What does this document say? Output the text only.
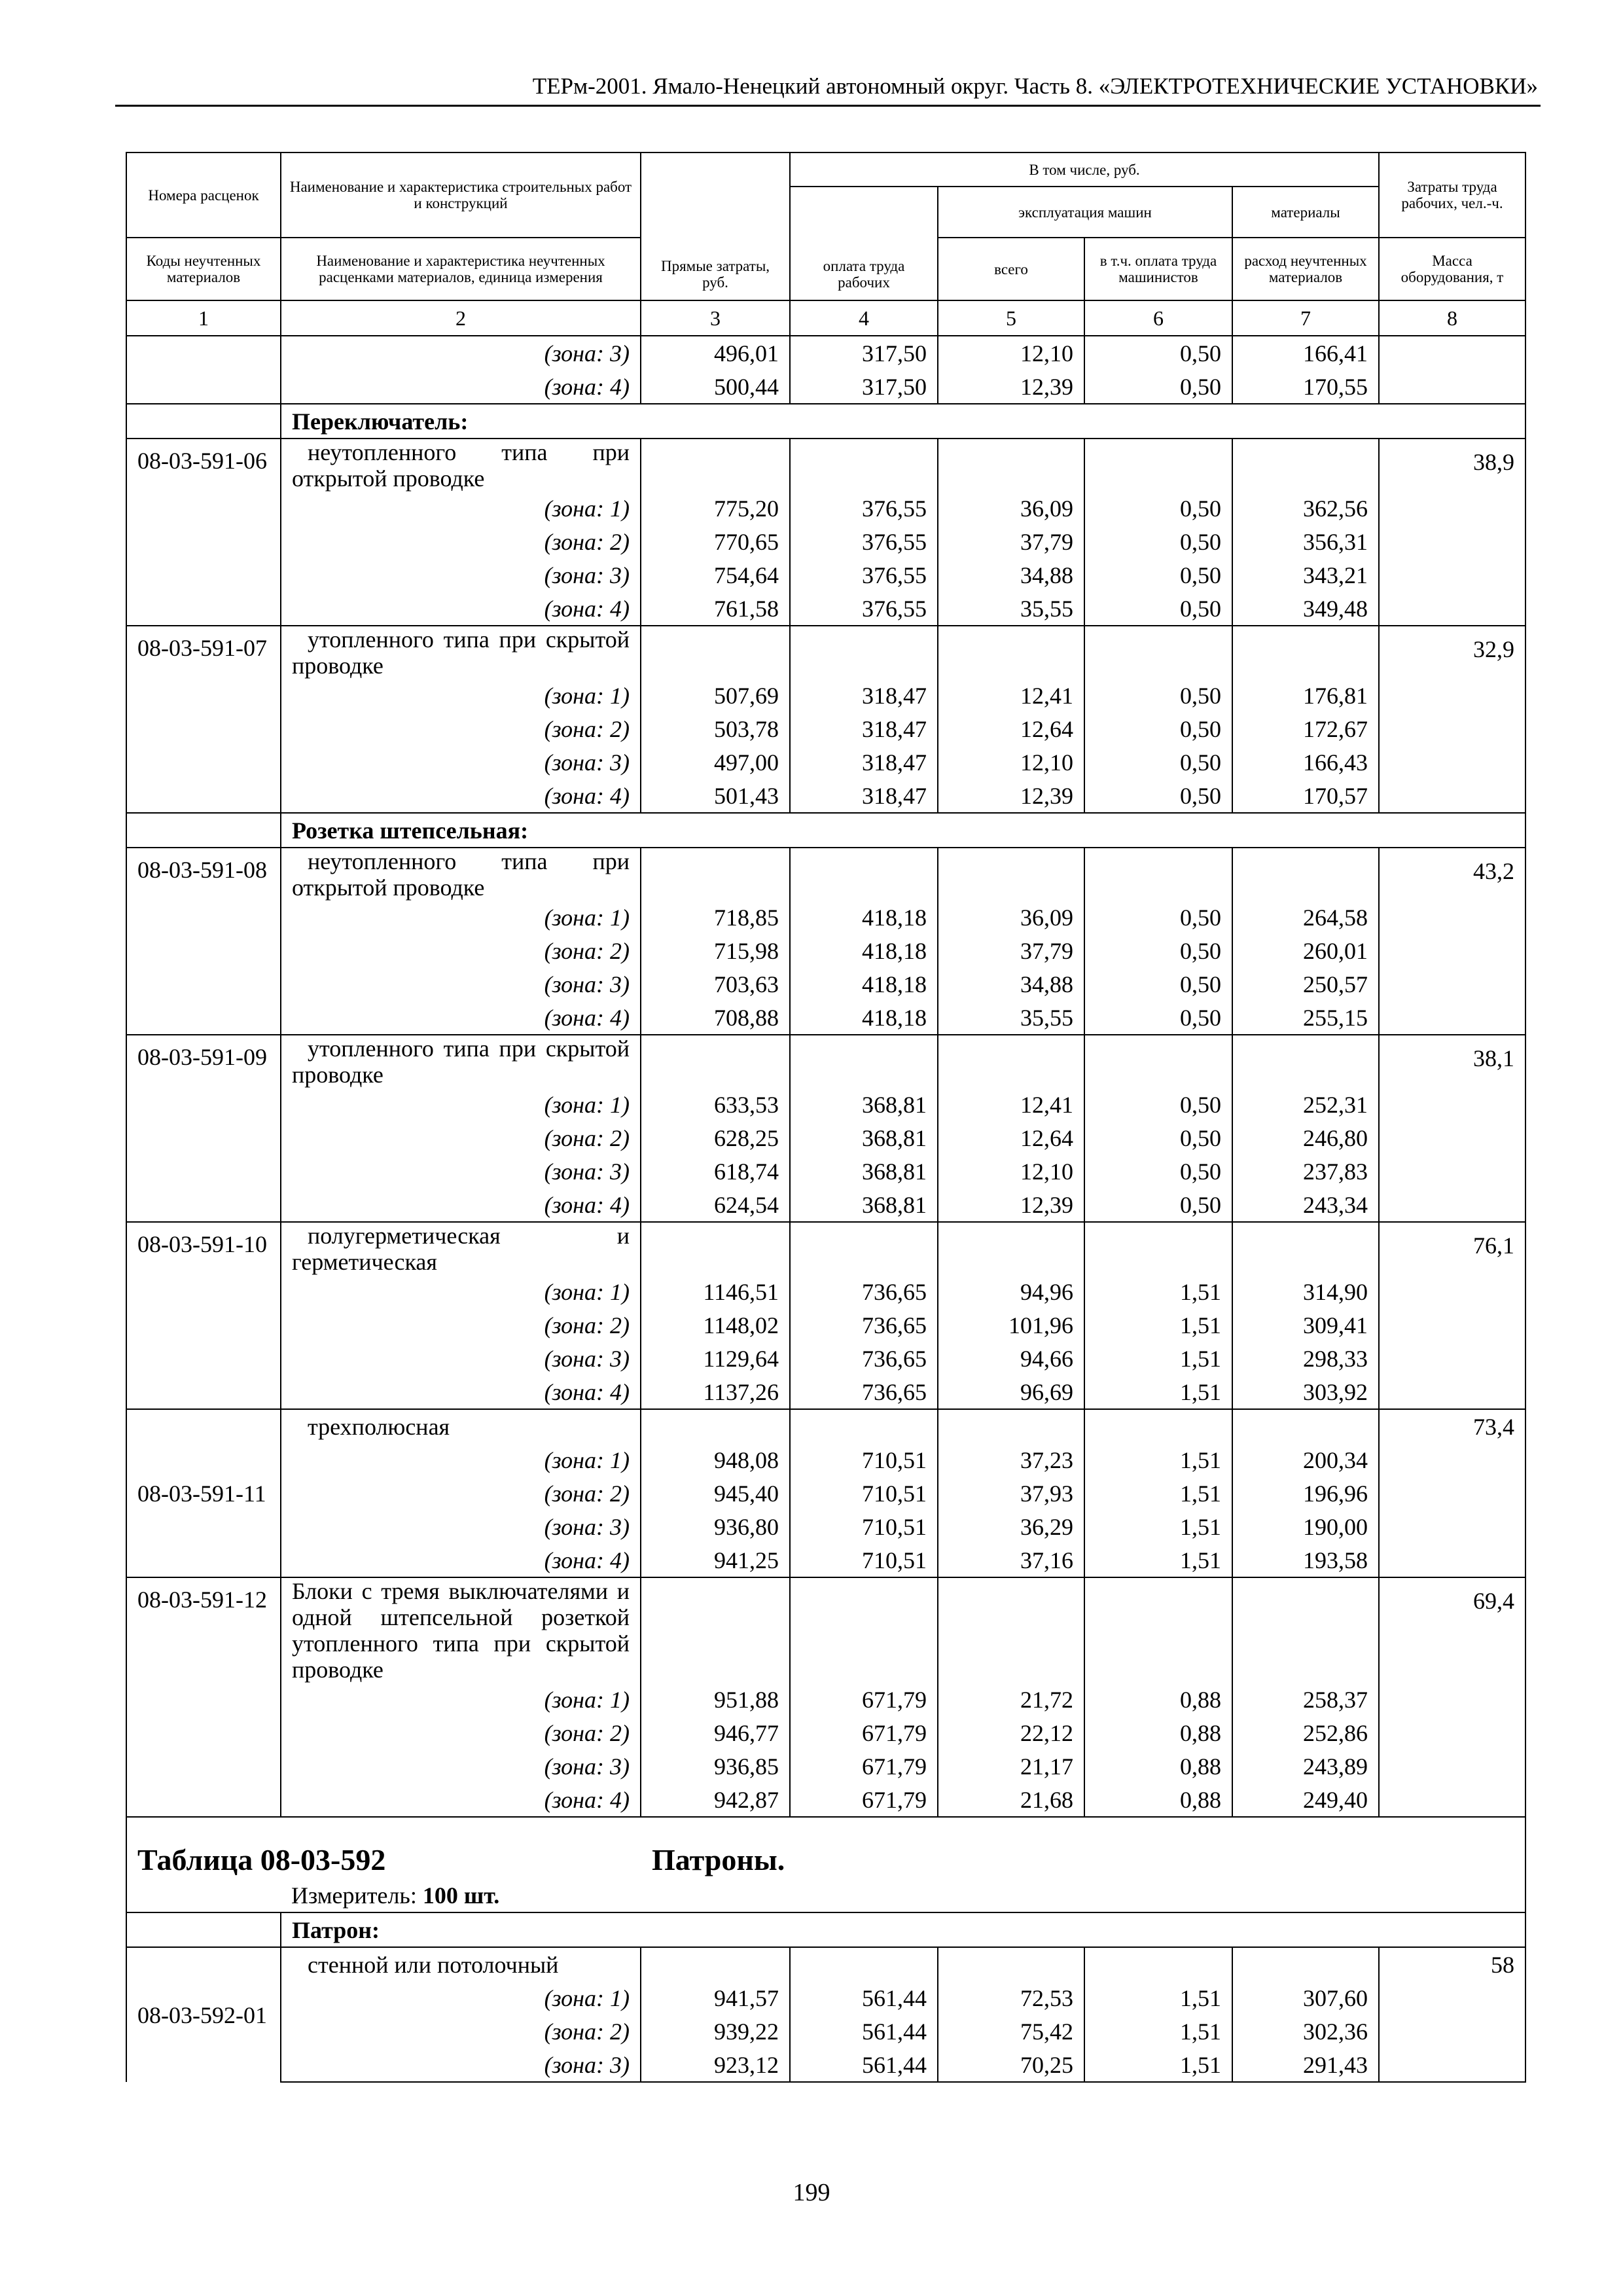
ТЕРм-2001. Ямало-Ненецкий автономный округ. Часть 8. «ЭЛЕКТРОТЕХНИЧЕСКИЕ УСТАНОВКИ»
Номера расценок	Наименование и характеристика строительных работ и конструкций	Прямые затраты, руб.	В том числе, руб.				Затраты труда рабочих, чел.-ч.
			оплата труда рабочих	эксплуатация машин		материалы	
Коды неучтенных материалов	Наименование и характеристика неучтенных расценками материалов, единица измерения			всего	в т.ч. оплата труда машинистов	расход неучтенных материалов	Масса оборудования, т
1	2	3	4	5	6	7	8
	(зона: 3)	496,01	317,50	12,10	0,50	166,41	
	(зона: 4)	500,44	317,50	12,39	0,50	170,55	
	Переключатель:						
08-03-591-06	неутопленного типа при открытой проводке						38,9
	(зона: 1)	775,20	376,55	36,09	0,50	362,56	
	(зона: 2)	770,65	376,55	37,79	0,50	356,31	
	(зона: 3)	754,64	376,55	34,88	0,50	343,21	
	(зона: 4)	761,58	376,55	35,55	0,50	349,48	
08-03-591-07	утопленного типа при скрытой проводке						32,9
	(зона: 1)	507,69	318,47	12,41	0,50	176,81	
	(зона: 2)	503,78	318,47	12,64	0,50	172,67	
	(зона: 3)	497,00	318,47	12,10	0,50	166,43	
	(зона: 4)	501,43	318,47	12,39	0,50	170,57	
	Розетка штепсельная:						
08-03-591-08	неутопленного типа при открытой проводке						43,2
	(зона: 1)	718,85	418,18	36,09	0,50	264,58	
	(зона: 2)	715,98	418,18	37,79	0,50	260,01	
	(зона: 3)	703,63	418,18	34,88	0,50	250,57	
	(зона: 4)	708,88	418,18	35,55	0,50	255,15	
08-03-591-09	утопленного типа при скрытой проводке						38,1
	(зона: 1)	633,53	368,81	12,41	0,50	252,31	
	(зона: 2)	628,25	368,81	12,64	0,50	246,80	
	(зона: 3)	618,74	368,81	12,10	0,50	237,83	
	(зона: 4)	624,54	368,81	12,39	0,50	243,34	
08-03-591-10	полугерметическая и герметическая						76,1
	(зона: 1)	1146,51	736,65	94,96	1,51	314,90	
	(зона: 2)	1148,02	736,65	101,96	1,51	309,41	
	(зона: 3)	1129,64	736,65	94,66	1,51	298,33	
	(зона: 4)	1137,26	736,65	96,69	1,51	303,92	
08-03-591-11	трехполюсная						73,4
	(зона: 1)	948,08	710,51	37,23	1,51	200,34	
	(зона: 2)	945,40	710,51	37,93	1,51	196,96	
	(зона: 3)	936,80	710,51	36,29	1,51	190,00	
	(зона: 4)	941,25	710,51	37,16	1,51	193,58	
08-03-591-12	Блоки с тремя выключателями и одной штепсельной розеткой утопленного типа при скрытой проводке						69,4
	(зона: 1)	951,88	671,79	21,72	0,88	258,37	
	(зона: 2)	946,77	671,79	22,12	0,88	252,86	
	(зона: 3)	936,85	671,79	21,17	0,88	243,89	
	(зона: 4)	942,87	671,79	21,68	0,88	249,40	
Таблица 08-03-592 Патроны.							
	Измеритель: 100 шт.						
	Патрон:						
08-03-592-01	стенной или потолочный						58
	(зона: 1)	941,57	561,44	72,53	1,51	307,60	
	(зона: 2)	939,22	561,44	75,42	1,51	302,36	
	(зона: 3)	923,12	561,44	70,25	1,51	291,43	
199
